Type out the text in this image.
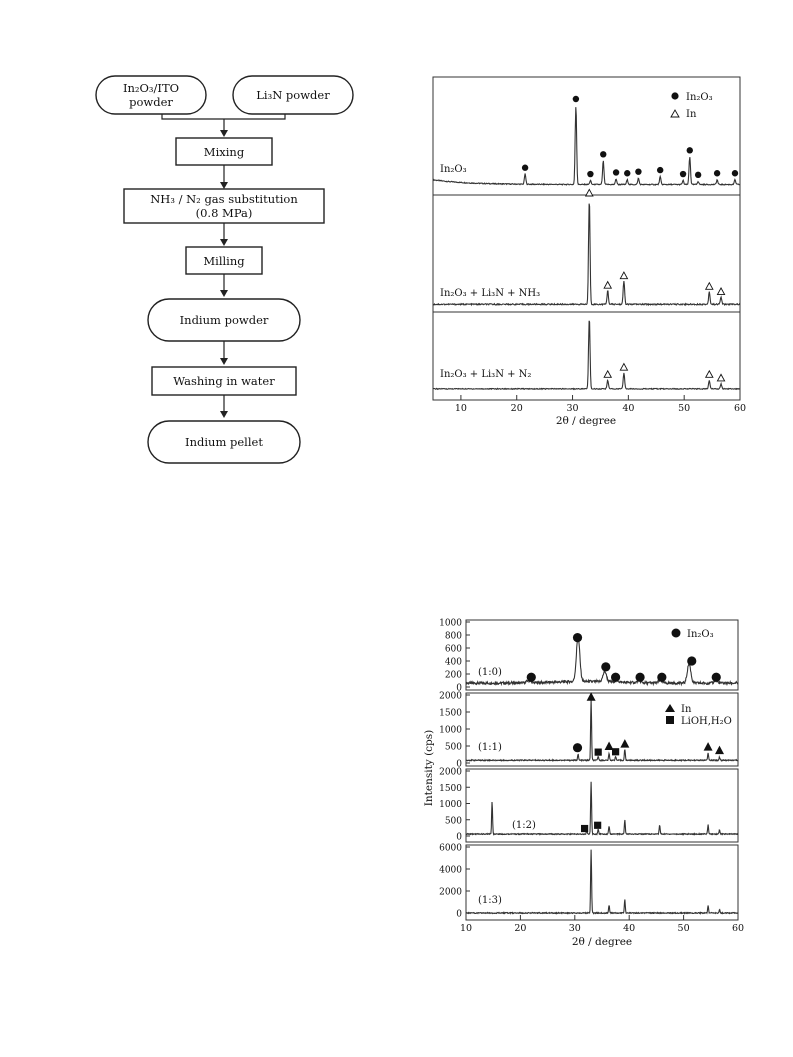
In₂O₃/ITO
powder	Li₃N powder
Mixing
NH₃ / N₂ gas substitution
(0.8 MPa)
Milling
Indium powder
Washing in water
Indium pellet
10	20	30	40	50	60
In₂O₃
In₂O₃ + Li₃N + NH₃
In₂O₃ + Li₃N + N₂
2θ / degree
In₂O₃
In
0
200
400
600
800
1000
(1:0)
0
500
1000
1500
2000
(1:1)
0
500
1000
1500
2000
(1:2)
0
2000
4000
6000
(1:3)
10	20	30	40	50	60
2θ / degree
Intensity (cps)
In₂O₃
In
LiOH,H₂O
